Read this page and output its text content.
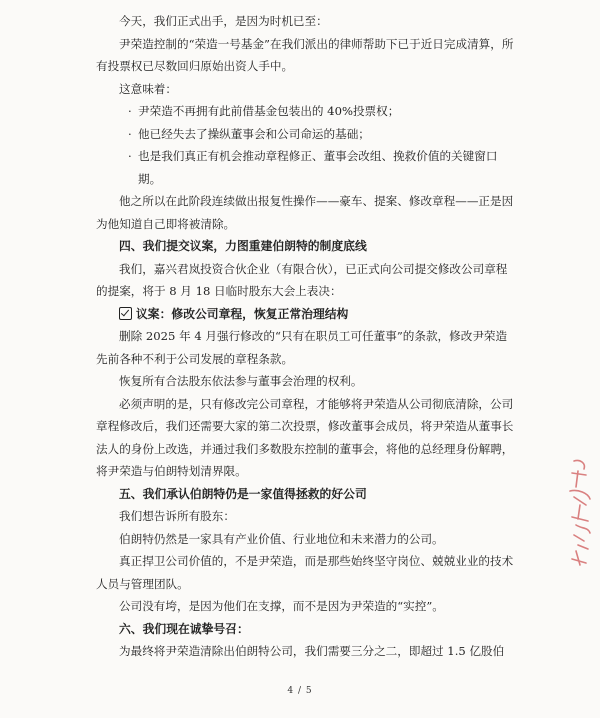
今天，我们正式出手，是因为时机已至：

尹荣造控制的“荣造一号基金”在我们派出的律师帮助下已于近日完成清算，所有投票权已尽数回归原始出资人手中。

这意味着：

· 尹荣造不再拥有此前借基金包装出的 40%投票权；

· 他已经失去了操纵董事会和公司命运的基础；

· 也是我们真正有机会推动章程修正、董事会改组、挽救价值的关键窗口期。

他之所以在此阶段连续做出报复性操作——豪车、提案、修改章程——正是因为他知道自己即将被清除。

四、我们提交议案，力图重建伯朗特的制度底线

我们，嘉兴君岚投资合伙企业（有限合伙），已正式向公司提交修改公司章程的提案，将于 8 月 18 日临时股东大会上表决：

议案：修改公司章程，恢复正常治理结构

删除 2025 年 4 月强行修改的“只有在职员工可任董事”的条款，修改尹荣造先前各种不利于公司发展的章程条款。

恢复所有合法股东依法参与董事会治理的权利。

必须声明的是，只有修改完公司章程，才能够将尹荣造从公司彻底清除，公司章程修改后，我们还需要大家的第二次投票，修改董事会成员，将尹荣造从董事长法人的身份上改选，并通过我们多数股东控制的董事会，将他的总经理身份解聘，将尹荣造与伯朗特划清界限。

五、我们承认伯朗特仍是一家值得拯救的好公司

我们想告诉所有股东：

伯朗特仍然是一家具有产业价值、行业地位和未来潜力的公司。

真正捍卫公司价值的，不是尹荣造，而是那些始终坚守岗位、兢兢业业的技术人员与管理团队。

公司没有垮，是因为他们在支撑，而不是因为尹荣造的“实控”。

六、我们现在诚挚号召：

为最终将尹荣造清除出伯朗特公司，我们需要三分之二，即超过 1.5 亿股伯

4 / 5
